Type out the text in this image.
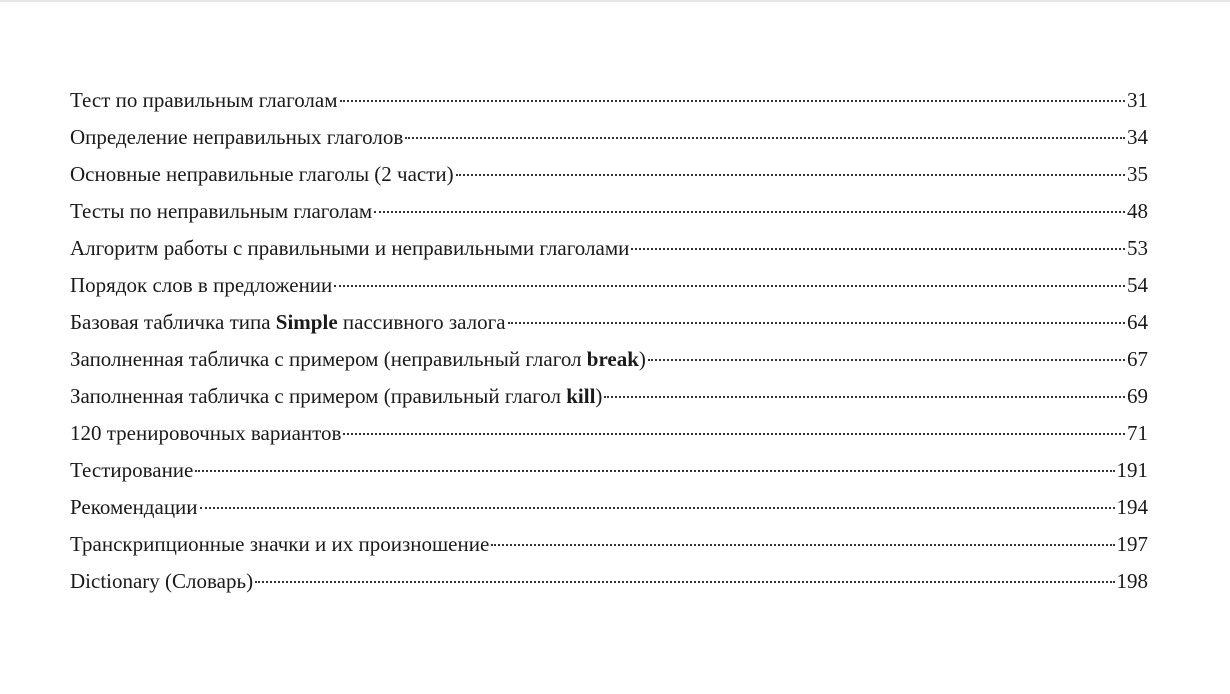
Тест по правильным глаголам	31
Определение неправильных глаголов	34
Основные неправильные глаголы (2 части)	35
Тесты по неправильным глаголам	48
Алгоритм работы с правильными и неправильными глаголами	53
Порядок слов в предложении	54
Базовая табличка типа Simple пассивного залога	64
Заполненная табличка с примером (неправильный глагол break)	67
Заполненная табличка с примером (правильный глагол kill)	69
120 тренировочных вариантов	71
Тестирование	191
Рекомендации	194
Транскрипционные значки и их произношение	197
Dictionary (Словарь)	198
